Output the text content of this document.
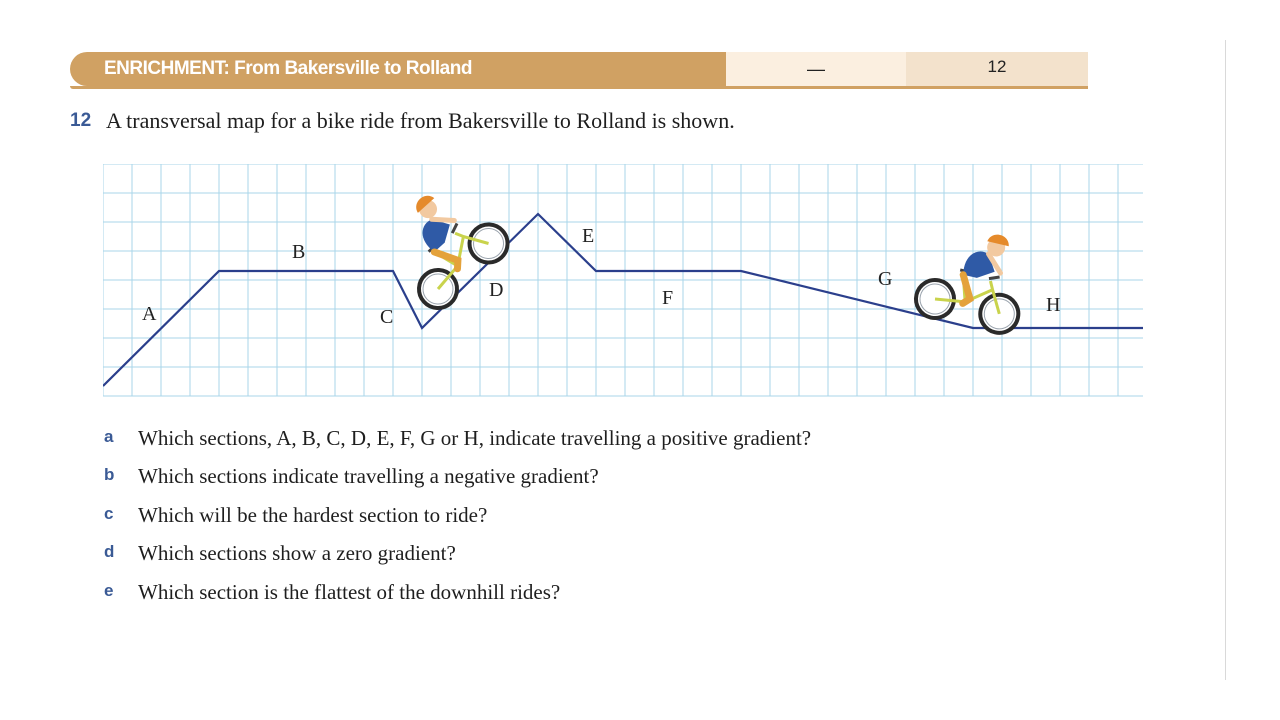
ENRICHMENT: From Bakersville to Rolland	—	12
12 A transversal map for a bike ride from Bakersville to Rolland is shown.
A
B
C
D
E
F
G
H
a Which sections, A, B, C, D, E, F, G or H, indicate travelling a positive gradient?
b Which sections indicate travelling a negative gradient?
c Which will be the hardest section to ride?
d Which sections show a zero gradient?
e Which section is the flattest of the downhill rides?
